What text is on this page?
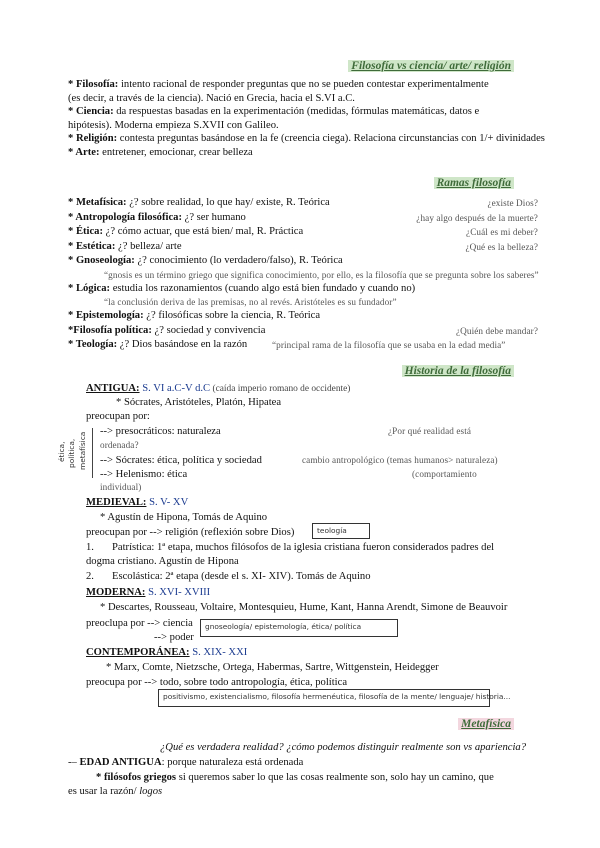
Filosofía vs ciencia/ arte/ religión
* Filosofía: intento racional de responder preguntas que no se pueden contestar experimentalmente
(es decir, a través de la ciencia). Nació en Grecia, hacia el S.VI a.C.
* Ciencia: da respuestas basadas en la experimentación (medidas, fórmulas matemáticas, datos e
hipótesis). Moderna empieza S.XVII con Galileo.
* Religión: contesta preguntas basándose en la fe (creencia ciega). Relaciona circunstancias con 1/+ divinidades
* Arte: entretener, emocionar, crear belleza
Ramas filosofía
* Metafísica: ¿? sobre realidad, lo que hay/ existe, R. Teórica	¿existe Dios?
* Antropología filosófica: ¿? ser humano	¿hay algo después de la muerte?
* Ética: ¿? cómo actuar, que está bien/ mal, R. Práctica	¿Cuál es mi deber?
* Estética: ¿? belleza/ arte	¿Qué es la belleza?
* Gnoseología: ¿? conocimiento (lo verdadero/falso), R. Teórica
“gnosis es un término griego que significa conocimiento, por ello, es la filosofía que se pregunta sobre los saberes”
* Lógica: estudia los razonamientos (cuando algo está bien fundado y cuando no)
“la conclusión deriva de las premisas, no al revés. Aristóteles es su fundador”
* Epistemología: ¿? filosóficas sobre la ciencia, R. Teórica
*Filosofía política: ¿? sociedad y convivencia	¿Quién debe mandar?
* Teología: ¿? Dios basándose en la razón	“principal rama de la filosofía que se usaba en la edad media”
Historia de la filosofía
ANTIGUA: S. VI a.C-V d.C (caída imperio romano de occidente)
* Sócrates, Aristóteles, Platón, Hipatea
preocupan por:
--> presocráticos: naturaleza	¿Por qué realidad está
ordenada?
--> Sócrates: ética, política y sociedad	cambio antropológico (temas humanos> naturaleza)
--> Helenismo: ética	(comportamiento
individual)
ética, política, metafísica
MEDIEVAL: S. V- XV
* Agustín de Hipona, Tomás de Aquino
preocupan por --> religión (reflexión sobre Dios)	teología
1. Patrística: 1ª etapa, muchos filósofos de la iglesia cristiana fueron considerados padres del
dogma cristiano. Agustín de Hipona
2. Escolástica: 2ª etapa (desde el s. XI- XIV). Tomás de Aquino
MODERNA: S. XVI- XVIII
* Descartes, Rousseau, Voltaire, Montesquieu, Hume, Kant, Hanna Arendt, Simone de Beauvoir
preoclupa por --> ciencia
--> poder
gnoseología/ epistemología, ética/ política
CONTEMPORÁNEA: S. XIX- XXI
* Marx, Comte, Nietzsche, Ortega, Habermas, Sartre, Wittgenstein, Heidegger
preocupa por --> todo, sobre todo antropología, ética, política
positivismo, existencialismo, filosofía hermenéutica, filosofía de la mente/ lenguaje/ historia...
Metafísica
¿Qué es verdadera realidad? ¿cómo podemos distinguir realmente son vs apariencia?
-– EDAD ANTIGUA: porque naturaleza está ordenada
* filósofos griegos si queremos saber lo que las cosas realmente son, solo hay un camino, que
es usar la razón/ logos
